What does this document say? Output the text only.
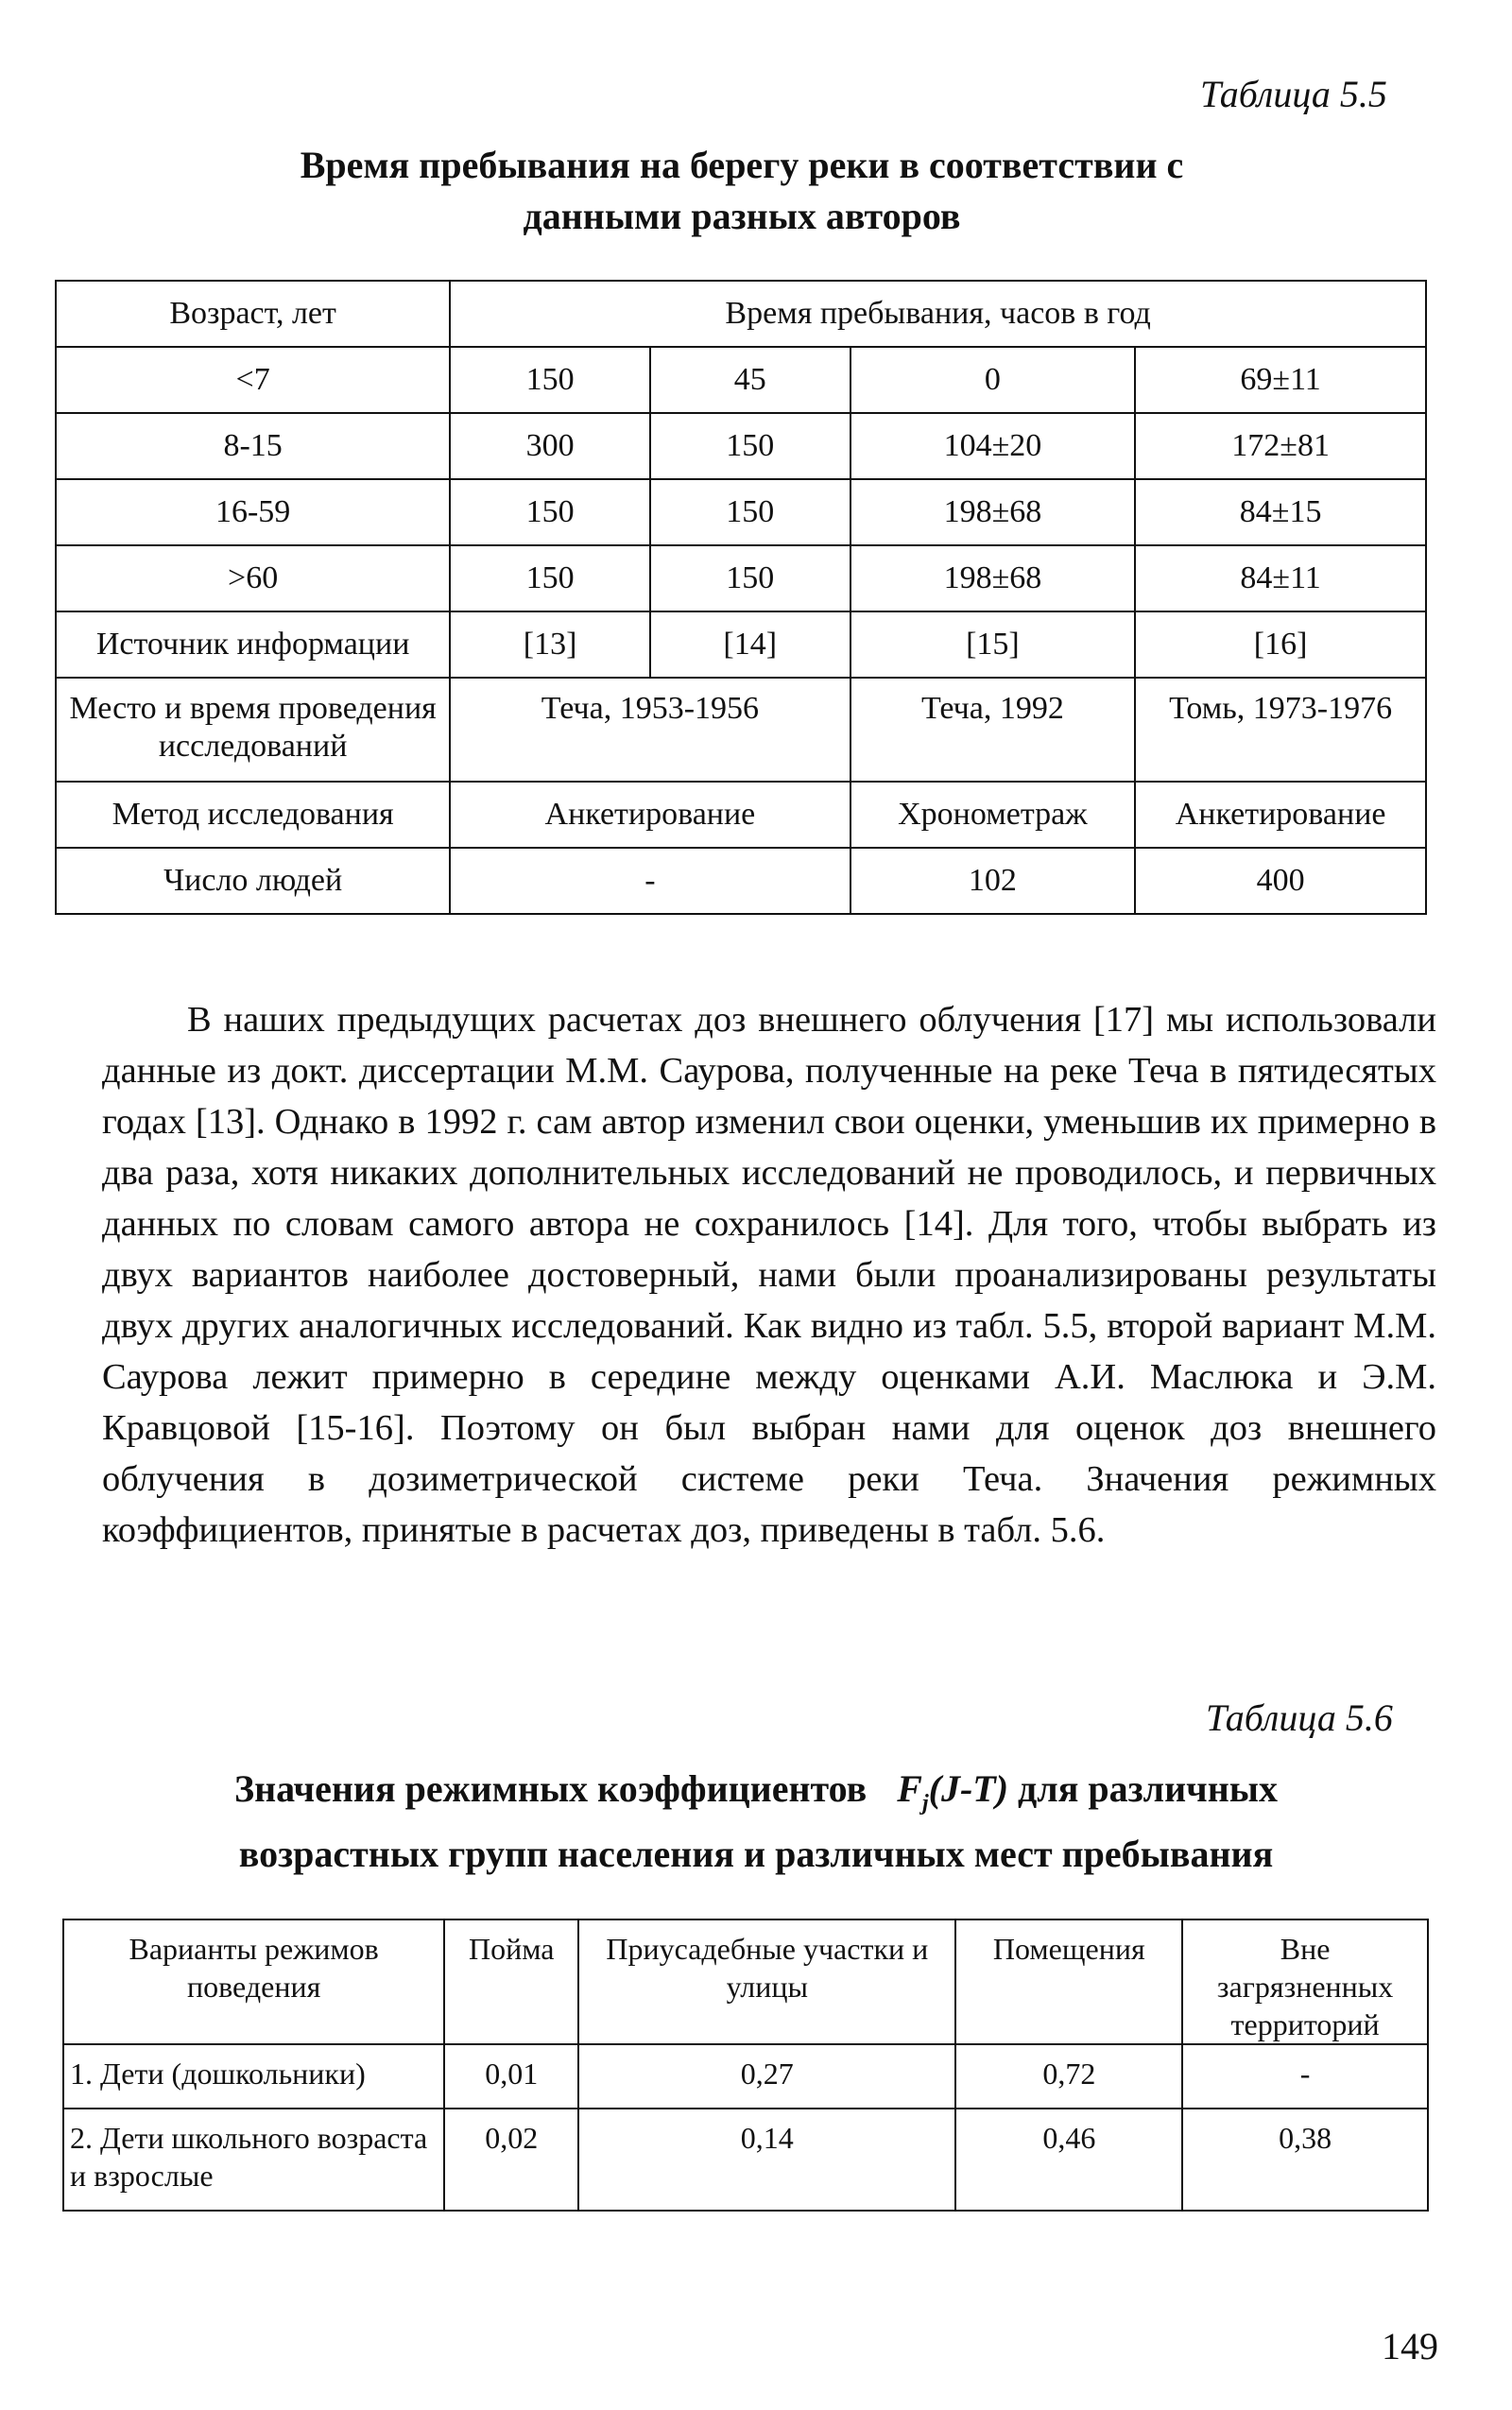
Таблица 5.5
Время пребывания на берегу реки в соответствии с
данными разных авторов
Возраст, лет	Время пребывания, часов в год			
<7	150	45	0	69±11
8-15	300	150	104±20	172±81
16-59	150	150	198±68	84±15
>60	150	150	198±68	84±11
Источник информации	[13]	[14]	[15]	[16]
Место и время проведения исследований	Теча, 1953-1956		Теча, 1992	Томь, 1973-1976
Метод исследования	Анкетирование		Хронометраж	Анкетирование
Число людей	-		102	400

В наших предыдущих расчетах доз внешнего облучения [17] мы использовали данные из докт. диссертации М.М. Саурова, полученные на реке Теча в пятидесятых годах [13]. Однако в 1992 г. сам автор изменил свои оценки, уменьшив их примерно в два раза, хотя никаких дополнительных исследований не проводилось, и первичных данных по словам самого автора не сохранилось [14]. Для того, чтобы выбрать из двух вариантов наиболее достоверный, нами были проанализированы результаты двух других аналогичных исследований. Как видно из табл. 5.5, второй вариант М.М. Саурова лежит примерно в середине между оценками А.И. Маслюка и Э.М. Кравцовой [15-16]. Поэтому он был выбран нами для оценок доз внешнего облучения в дозиметрической системе реки Теча. Значения режимных коэффициентов, принятые в расчетах доз, приведены в табл. 5.6.

Таблица 5.6
Значения режимных коэффициентов $F_j(J-T)$ для различных
возрастных групп населения и различных мест пребывания
Варианты режимов поведения	Пойма	Приусадебные участки и улицы	Помещения	Вне загрязненных территорий
1. Дети (дошкольники)	0,01	0,27	0,72	-
2. Дети школьного возраста и взрослые	0,02	0,14	0,46	0,38
149
